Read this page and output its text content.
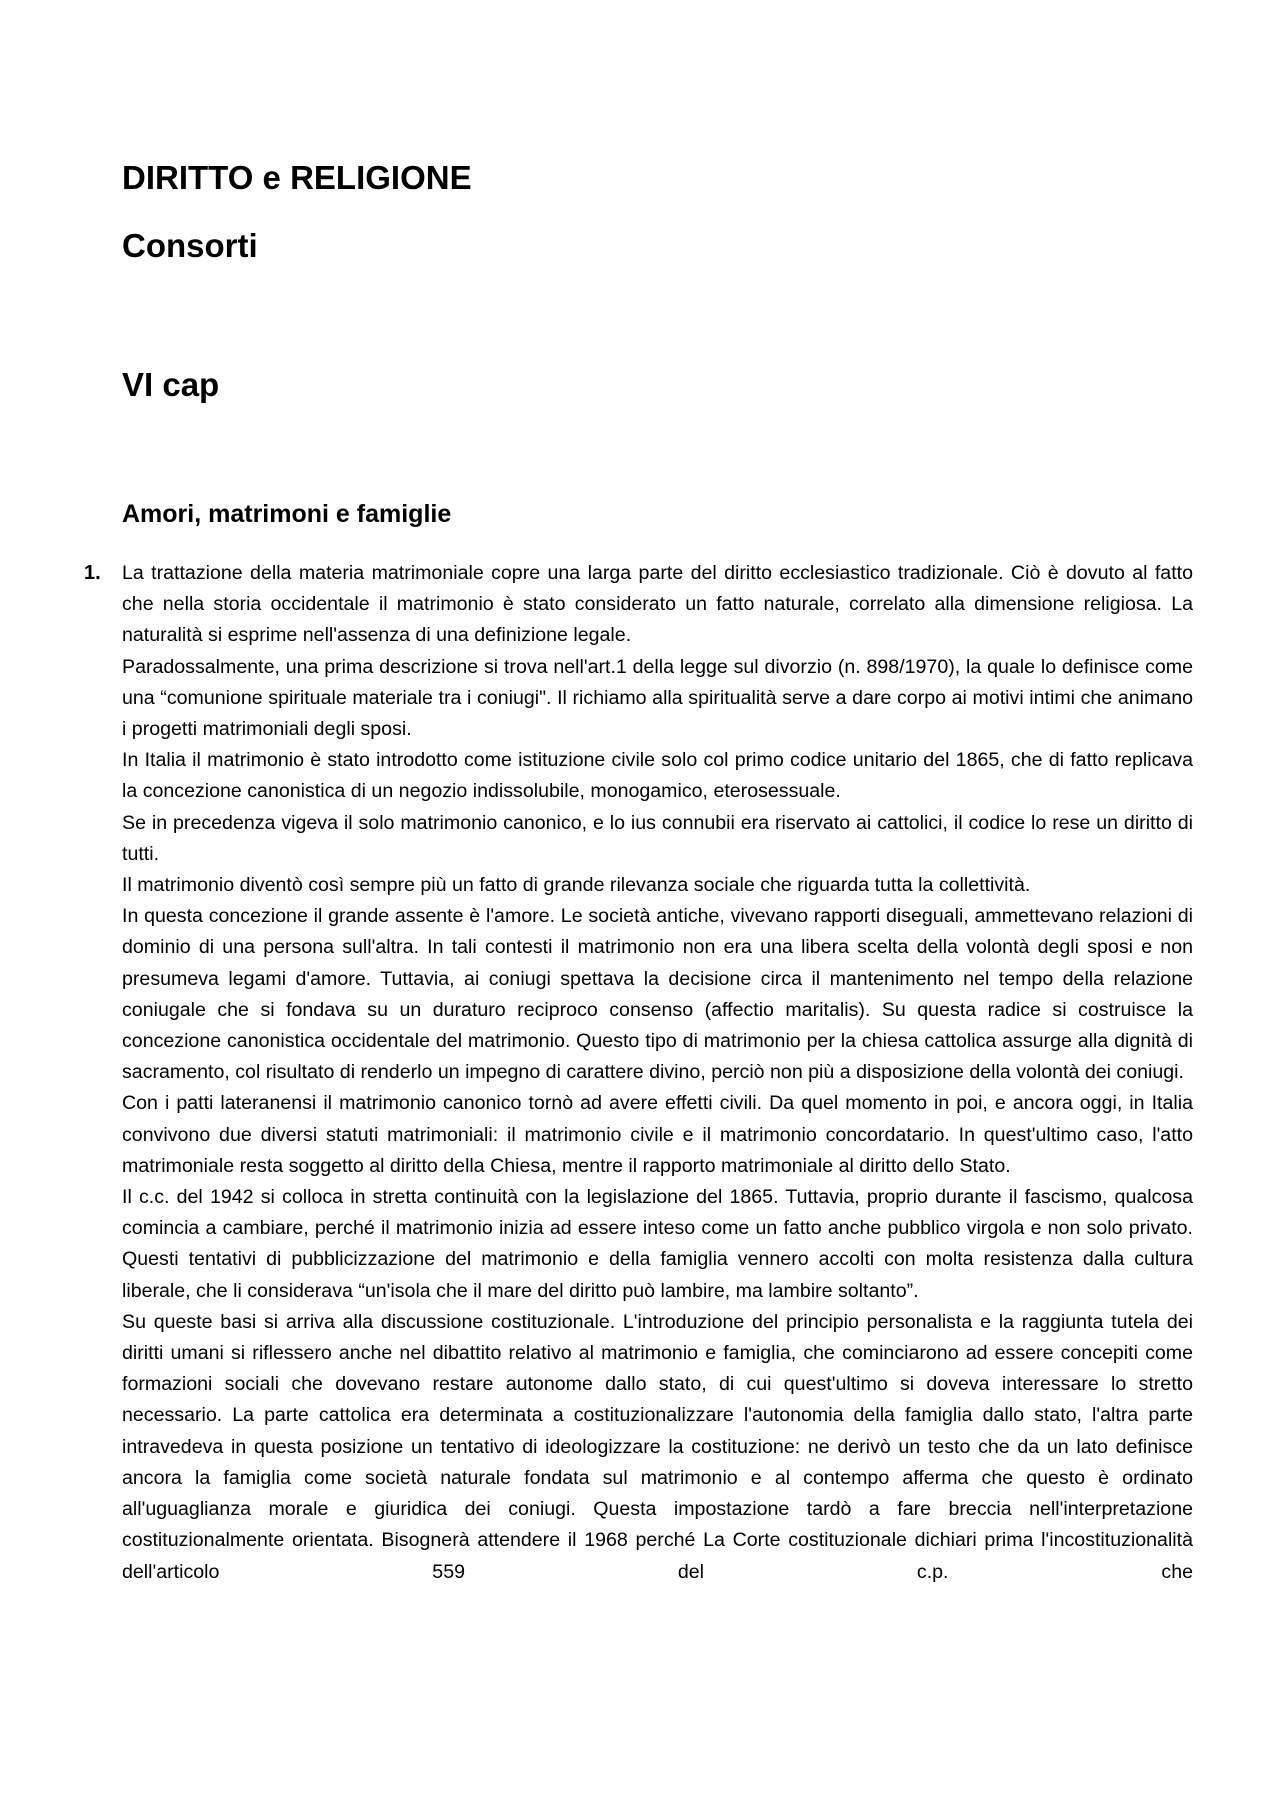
DIRITTO e RELIGIONE
Consorti
VI cap
Amori, matrimoni e famiglie
1. La trattazione della materia matrimoniale copre una larga parte del diritto ecclesiastico tradizionale. Ciò è dovuto al fatto che nella storia occidentale il matrimonio è stato considerato un fatto naturale, correlato alla dimensione religiosa. La naturalità si esprime nell'assenza di una definizione legale.

Paradossalmente, una prima descrizione si trova nell'art.1 della legge sul divorzio (n. 898/1970), la quale lo definisce come una “comunione spirituale materiale tra i coniugi". Il richiamo alla spiritualità serve a dare corpo ai motivi intimi che animano i progetti matrimoniali degli sposi.

In Italia il matrimonio è stato introdotto come istituzione civile solo col primo codice unitario del 1865, che di fatto replicava la concezione canonistica di un negozio indissolubile, monogamico, eterosessuale.

Se in precedenza vigeva il solo matrimonio canonico, e lo ius connubii era riservato ai cattolici, il codice lo rese un diritto di tutti.

Il matrimonio diventò così sempre più un fatto di grande rilevanza sociale che riguarda tutta la collettività.

In questa concezione il grande assente è l'amore. Le società antiche, vivevano rapporti diseguali, ammettevano relazioni di dominio di una persona sull'altra. In tali contesti il matrimonio non era una libera scelta della volontà degli sposi e non presumeva legami d'amore. Tuttavia, ai coniugi spettava la decisione circa il mantenimento nel tempo della relazione coniugale che si fondava su un duraturo reciproco consenso (affectio maritalis). Su questa radice si costruisce la concezione canonistica occidentale del matrimonio. Questo tipo di matrimonio per la chiesa cattolica assurge alla dignità di sacramento, col risultato di renderlo un impegno di carattere divino, perciò non più a disposizione della volontà dei coniugi.

Con i patti lateranensi il matrimonio canonico tornò ad avere effetti civili. Da quel momento in poi, e ancora oggi, in Italia convivono due diversi statuti matrimoniali: il matrimonio civile e il matrimonio concordatario. In quest'ultimo caso, l'atto matrimoniale resta soggetto al diritto della Chiesa, mentre il rapporto matrimoniale al diritto dello Stato.

Il c.c. del 1942 si colloca in stretta continuità con la legislazione del 1865. Tuttavia, proprio durante il fascismo, qualcosa comincia a cambiare, perché il matrimonio inizia ad essere inteso come un fatto anche pubblico virgola e non solo privato. Questi tentativi di pubblicizzazione del matrimonio e della famiglia vennero accolti con molta resistenza dalla cultura liberale, che li considerava “un'isola che il mare del diritto può lambire, ma lambire soltanto”.

Su queste basi si arriva alla discussione costituzionale. L'introduzione del principio personalista e la raggiunta tutela dei diritti umani si riflessero anche nel dibattito relativo al matrimonio e famiglia, che cominciarono ad essere concepiti come formazioni sociali che dovevano restare autonome dallo stato, di cui quest'ultimo si doveva interessare lo stretto necessario. La parte cattolica era determinata a costituzionalizzare l'autonomia della famiglia dallo stato, l'altra parte intravedeva in questa posizione un tentativo di ideologizzare la costituzione: ne derivò un testo che da un lato definisce ancora la famiglia come società naturale fondata sul matrimonio e al contempo afferma che questo è ordinato all'uguaglianza morale e giuridica dei coniugi. Questa impostazione tardò a fare breccia nell'interpretazione costituzionalmente orientata. Bisognerà attendere il 1968 perché La Corte costituzionale dichiari prima l'incostituzionalità dell'articolo 559 del c.p. che
